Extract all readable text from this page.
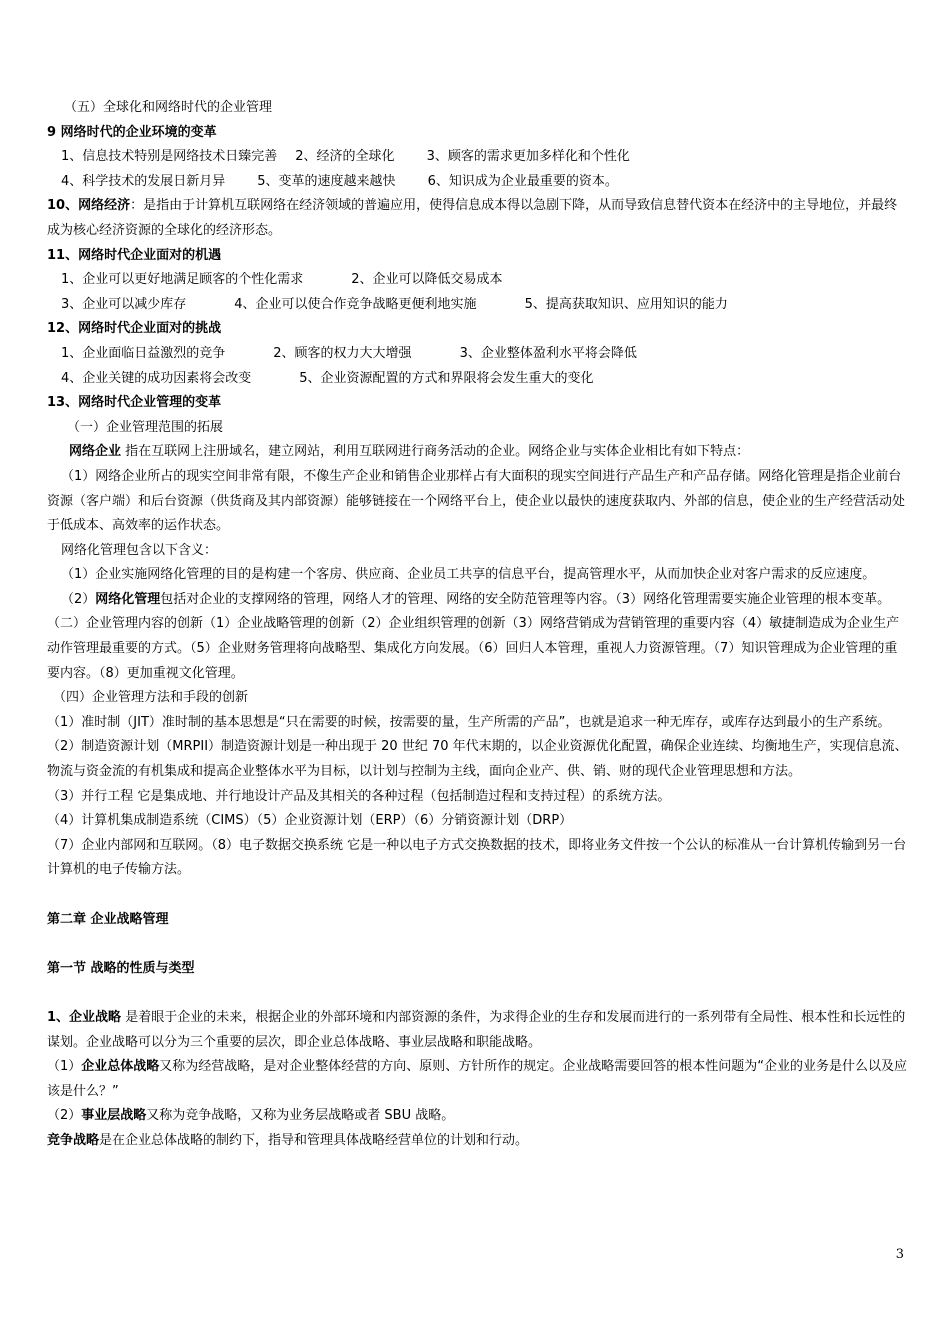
（五）全球化和网络时代的企业管理
9 网络时代的企业环境的变革
1、信息技术特别是网络技术日臻完善 2、经济的全球化 3、顾客的需求更加多样化和个性化
4、科学技术的发展日新月异 5、变革的速度越来越快 6、知识成为企业最重要的资本。
10、网络经济：是指由于计算机互联网络在经济领域的普遍应用，使得信息成本得以急剧下降，从而导致信息替代资本在经济中的主导地位，并最终成为核心经济资源的全球化的经济形态。
11、网络时代企业面对的机遇
1、企业可以更好地满足顾客的个性化需求	2、企业可以降低交易成本
3、企业可以减少库存	4、企业可以使合作竞争战略更便利地实施	5、提高获取知识、应用知识的能力
12、网络时代企业面对的挑战
1、企业面临日益激烈的竞争	2、顾客的权力大大增强	3、企业整体盈利水平将会降低
4、企业关键的成功因素将会改变	5、企业资源配置的方式和界限将会发生重大的变化
13、网络时代企业管理的变革
（一）企业管理范围的拓展
网络企业 指在互联网上注册域名，建立网站，利用互联网进行商务活动的企业。网络企业与实体企业相比有如下特点：
（1）网络企业所占的现实空间非常有限，不像生产企业和销售企业那样占有大面积的现实空间进行产品生产和产品存储。网络化管理是指企业前台资源（客户端）和后台资源（供货商及其内部资源）能够链接在一个网络平台上，使企业以最快的速度获取内、外部的信息，使企业的生产经营活动处于低成本、高效率的运作状态。
网络化管理包含以下含义：
（1）企业实施网络化管理的目的是构建一个客房、供应商、企业员工共享的信息平台，提高管理水平，从而加快企业对客户需求的反应速度。
（2）网络化管理包括对企业的支撑网络的管理，网络人才的管理、网络的安全防范管理等内容。（3）网络化管理需要实施企业管理的根本变革。
（二）企业管理内容的创新（1）企业战略管理的创新（2）企业组织管理的创新（3）网络营销成为营销管理的重要内容（4）敏捷制造成为企业生产动作管理最重要的方式。（5）企业财务管理将向战略型、集成化方向发展。（6）回归人本管理，重视人力资源管理。（7）知识管理成为企业管理的重要内容。（8）更加重视文化管理。
（四）企业管理方法和手段的创新
（1）准时制（JIT）准时制的基本思想是“只在需要的时候，按需要的量，生产所需的产品”，也就是追求一种无库存，或库存达到最小的生产系统。
（2）制造资源计划（MRPII）制造资源计划是一种出现于 20 世纪 70 年代末期的，以企业资源优化配置，确保企业连续、均衡地生产，实现信息流、物流与资金流的有机集成和提高企业整体水平为目标，以计划与控制为主线，面向企业产、供、销、财的现代企业管理思想和方法。
（3）并行工程 它是集成地、并行地设计产品及其相关的各种过程（包括制造过程和支持过程）的系统方法。
（4）计算机集成制造系统（CIMS）（5）企业资源计划（ERP）（6）分销资源计划（DRP）
（7）企业内部网和互联网。（8）电子数据交换系统 它是一种以电子方式交换数据的技术，即将业务文件按一个公认的标准从一台计算机传输到另一台计算机的电子传输方法。
第二章 企业战略管理
第一节 战略的性质与类型
1、企业战略 是着眼于企业的未来，根据企业的外部环境和内部资源的条件，为求得企业的生存和发展而进行的一系列带有全局性、根本性和长远性的谋划。企业战略可以分为三个重要的层次，即企业总体战略、事业层战略和职能战略。
（1）企业总体战略又称为经营战略，是对企业整体经营的方向、原则、方针所作的规定。企业战略需要回答的根本性问题为“企业的业务是什么以及应该是什么？”
（2）事业层战略又称为竞争战略，又称为业务层战略或者 SBU 战略。
竞争战略是在企业总体战略的制约下，指导和管理具体战略经营单位的计划和行动。
3
